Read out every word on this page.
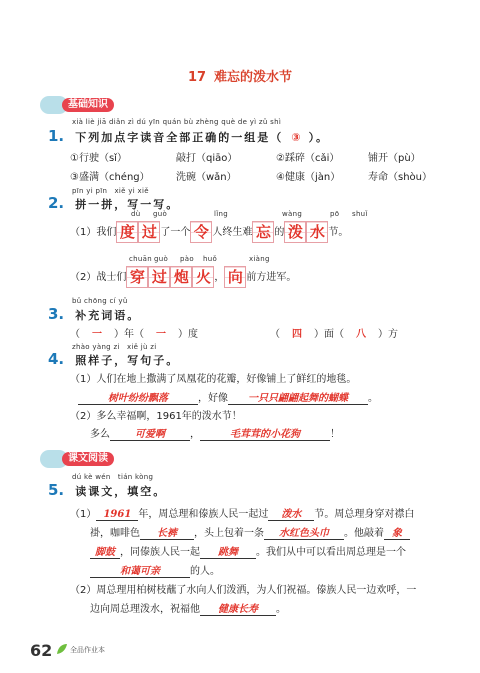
17 难忘的泼水节
基础知识
xià liè jiā diǎn zì dú yīn quán bù zhèng què de yì zǔ shì
1. 下列加点字读音全部正确的一组是（ ③ ）。
①行驶（sǐ）	敲打（qiāo）	②踩碎（cǎi）	铺开（pù）
③盛满（chéng）	洗碗（wǎn）	④健康（jàn）	寿命（shòu）
pīn yi pīn　xiě yi xiě
2. 拼一拼，写一写。
dù guò	lǐng	wàng	pō shuǐ
（1）我们 度 过 了一个 令 人终生难 忘 的 泼 水 节。
chuān guò pào huǒ	xiàng
（2）战士们 穿 过 炮 火 ， 向 前方进军。
bǔ chōng cí yǔ
3. 补充词语。
（ 一 ）年（ 一 ）度	（ 四 ）面（ 八 ）方
zhào yàng zi　xiě jù zi
4. 照样子，写句子。
（1）人们在地上撒满了凤凰花的花瓣，好像铺上了鲜红的地毯。
树叶纷纷飘落	，好像 一只只翩翩起舞的蝴蝶 。
（2）多么幸福啊，1961年的泼水节！
多么	可爱啊	，	毛茸茸的小花狗	！
课文阅读
dú kè wén　tián kòng
5. 读课文，填空。
（1） 1961 年，周总理和傣族人民一起过 泼水 节。周总理身穿对襟白
褂，咖啡色 长裤 ，头上包着一条 水红色头巾 。他敲着 象
脚鼓 ，同傣族人民一起 跳舞 。我们从中可以看出周总理是一个
和蔼可亲	的人。
（2）周总理用柏树枝蘸了水向人们泼洒，为人们祝福。傣族人民一边欢呼，一
边向周总理泼水，祝福他 健康长寿 。
62	全品作业本
